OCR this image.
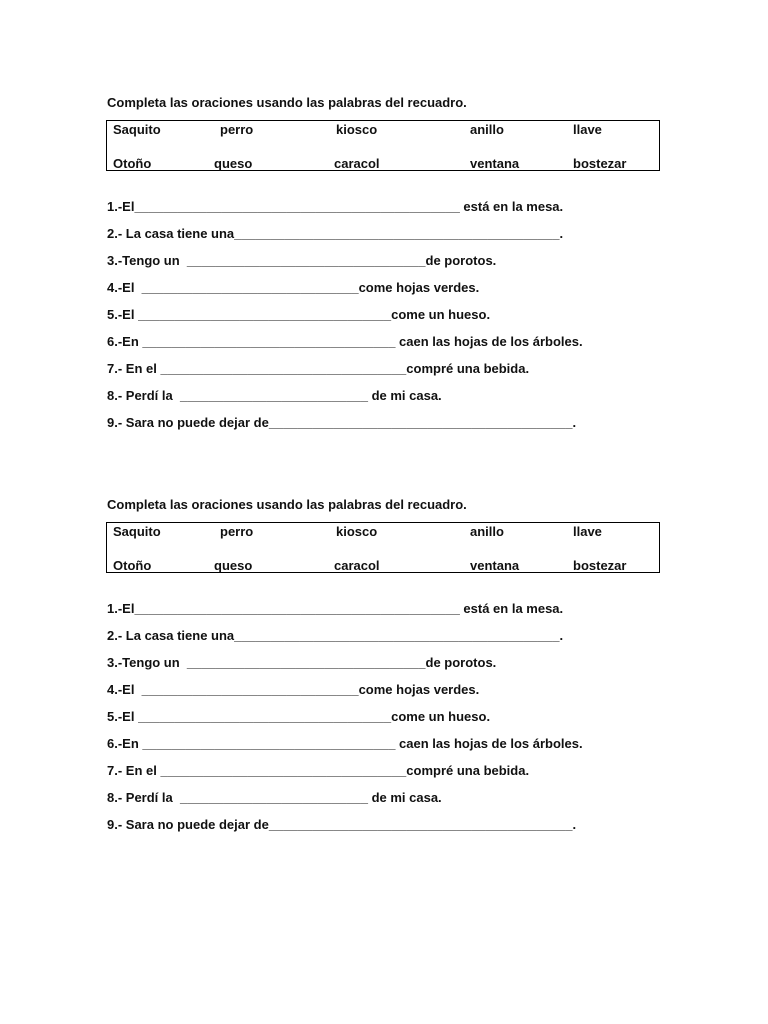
Completa las oraciones usando las palabras del recuadro.

Saquito	perro	kiosco	anillo	llave
Otoño	queso	caracol	ventana	bostezar
1.-El_____________________________________________ está en la mesa.
2.- La casa tiene una_____________________________________________.
3.-Tengo un  _________________________________de porotos.
4.-El  ______________________________come hojas verdes.
5.-El ___________________________________come un hueso.
6.-En ___________________________________ caen las hojas de los árboles.
7.- En el __________________________________compré una bebida.
8.- Perdí la  __________________________ de mi casa.
9.- Sara no puede dejar de__________________________________________.

Completa las oraciones usando las palabras del recuadro.

Saquito	perro	kiosco	anillo	llave
Otoño	queso	caracol	ventana	bostezar
1.-El_____________________________________________ está en la mesa.
2.- La casa tiene una_____________________________________________.
3.-Tengo un  _________________________________de porotos.
4.-El  ______________________________come hojas verdes.
5.-El ___________________________________come un hueso.
6.-En ___________________________________ caen las hojas de los árboles.
7.- En el __________________________________compré una bebida.
8.- Perdí la  __________________________ de mi casa.
9.- Sara no puede dejar de__________________________________________.
